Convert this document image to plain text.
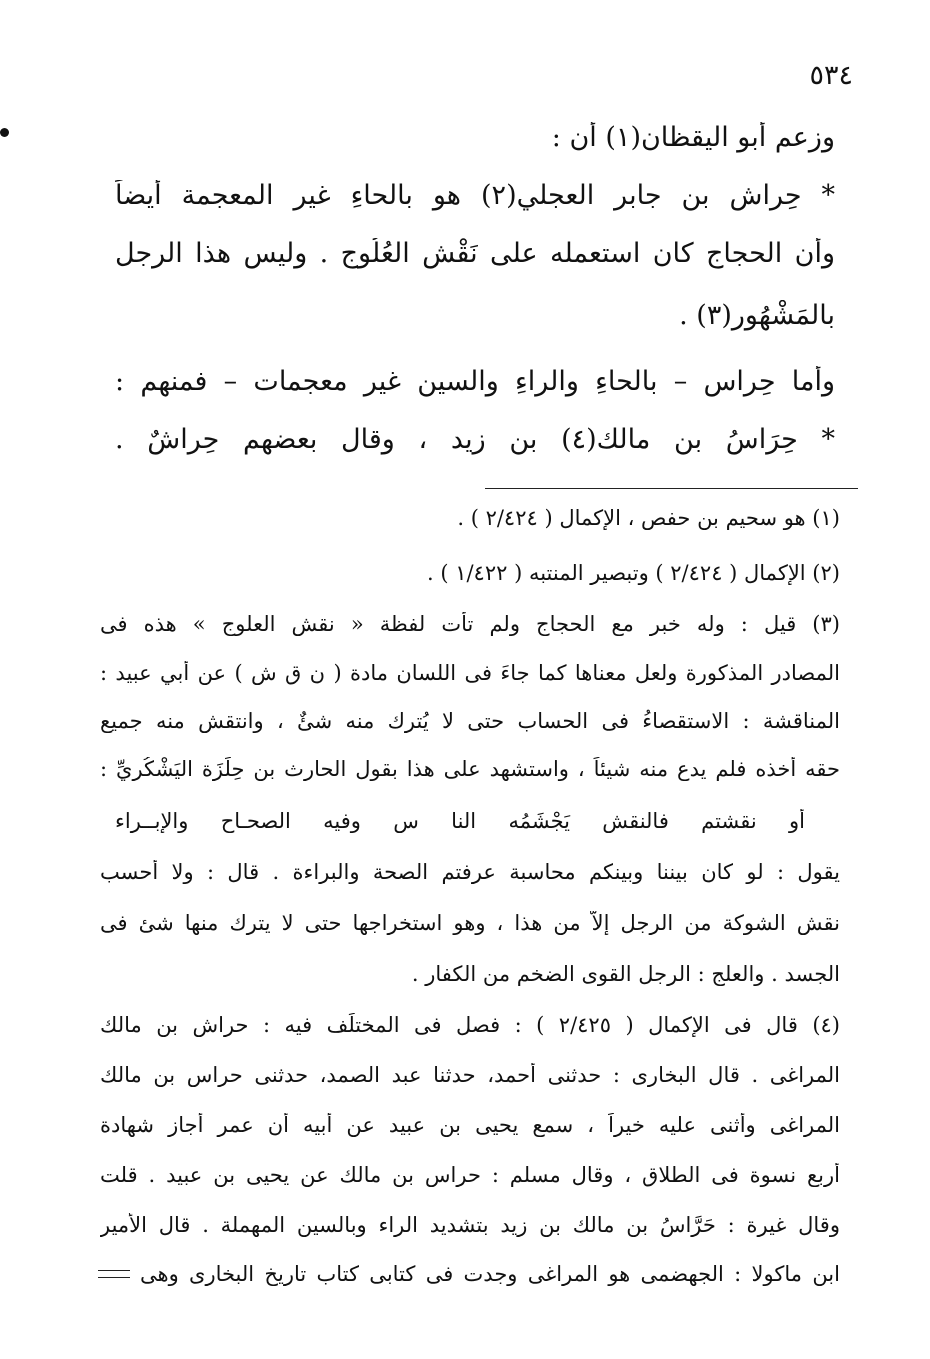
٥٣٤
وزعم أَبو اليقظان(١) أَن :
* حِراش بن جابر العجلي(٢) هو بالحاءِ غير المعجمة أَيضاً
وأَن الحجاج كان استعمله على نَقْشِ العُلُوجِ . وليس هذا الرجل
بالمَشْهُورِ(٣) .
وأَما حِراس – بالحاءِ والراءِ والسينِ غير معجمات – فمنهم :
* حِرَاسُ بن مالك(٤) بن زيد ، وقال بعضهم حِراشٌ .
(١) هو سحيم بن حفص ، الإِكمال ( ٢/٤٢٤ ) .
(٢) الإِكمال ( ٢/٤٢٤ ) وتبصير المنتبه ( ١/٤٢٢ ) .
(٣) قيل : وله خبر مع الحجاج ولم تأْت لفظة « نقش العلوج » هذه فى
المصادر المذكورة ولعل معناها كما جاءَ فى اللسان مادة ( ن ق ش ) عن أَبي عبيد :
المناقشة : الاستقصاءُ فى الحساب حتى لا يُترك منه شئٌ ، وانتقش منه جميع
حقه أَخذه فلم يدع منه شيئاً ، واستشهد على هذا بقول الحارث بن حِلِّزَة اليَشْكُرِيِّ :
أَو نقشتم فالنقش يَجْشَمُه النا س وفيه الصحـاح والإِبــراء
يقول : لو كان بيننا وبينكم محاسبة عرفتم الصحة والبراءة . قال : ولا أَحسب
نقش الشوكة من الرجل إِلاَّ من هذا ، وهو استخراجها حتى لا يترك منها شئ فى
الجسد . والعلج : الرجل القوى الضخم من الكفار .
(٤) قال فى الإِكمال ( ٢/٤٢٥ ) : فصل فى المختلَف فيه : حراش بن مالك
المراغى . قال البخارى : حدثنى أحمد، حدثنا عبد الصمد، حدثنى حراس بن مالك
المراغى وأثنى عليه خيراً ، سمع يحيى بن عبيد عن أبيه أن عمر أَجاز شهادة
أربع نسوة فى الطلاق ، وقال مسلم : حراس بن مالك عن يحيى بن عبيد . قلت
وقال غيرة : حَرَّاسُ بن مالك بن زيد بتشديد الراء وبالسين المهملة . قال الأمير
ابن ماكولا : الجهضمى هو المراغى وجدت فى كتابى كتاب تاريخ البخارى وهى
